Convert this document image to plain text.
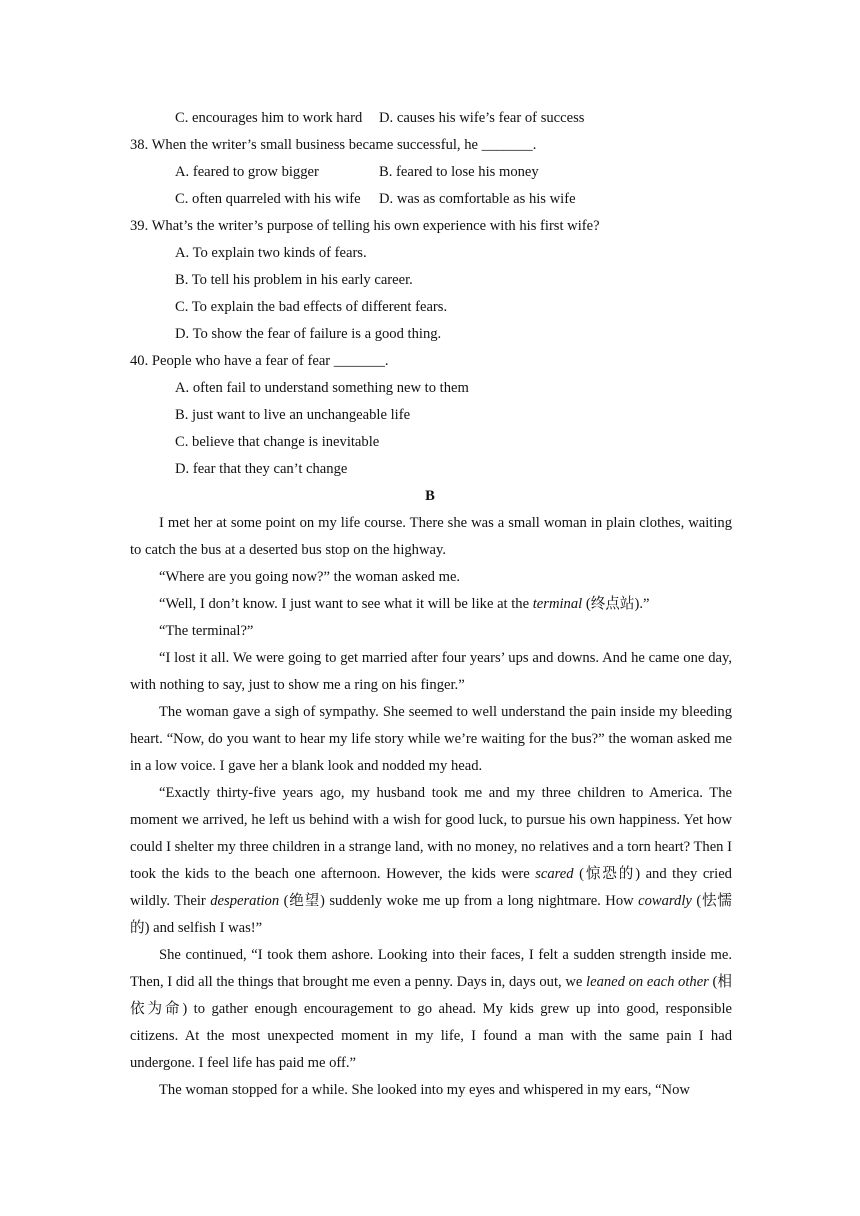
C. encourages him to work hard D. causes his wife’s fear of success
38. When the writer’s small business became successful, he _______.
A. feared to grow bigger	B. feared to lose his money
C. often quarreled with his wife D. was as comfortable as his wife
39. What’s the writer’s purpose of telling his own experience with his first wife?
A. To explain two kinds of fears.
B. To tell his problem in his early career.
C. To explain the bad effects of different fears.
D. To show the fear of failure is a good thing.
40. People who have a fear of fear _______.
A. often fail to understand something new to them
B. just want to live an unchangeable life
C. believe that change is inevitable
D. fear that they can’t change
B

I met her at some point on my life course. There she was a small woman in plain clothes, waiting to catch the bus at a deserted bus stop on the highway.

“Where are you going now?” the woman asked me.

“Well, I don’t know. I just want to see what it will be like at the terminal (终点站).”

“The terminal?”

“I lost it all. We were going to get married after four years’ ups and downs. And he came one day, with nothing to say, just to show me a ring on his finger.”

The woman gave a sigh of sympathy. She seemed to well understand the pain inside my bleeding heart. “Now, do you want to hear my life story while we’re waiting for the bus?” the woman asked me in a low voice. I gave her a blank look and nodded my head.

“Exactly thirty-five years ago, my husband took me and my three children to America. The moment we arrived, he left us behind with a wish for good luck, to pursue his own happiness. Yet how could I shelter my three children in a strange land, with no money, no relatives and a torn heart? Then I took the kids to the beach one afternoon. However, the kids were scared (惊恐的) and they cried wildly. Their desperation (绝望) suddenly woke me up from a long nightmare. How cowardly (怯懦的) and selfish I was!”

She continued, “I took them ashore. Looking into their faces, I felt a sudden strength inside me. Then, I did all the things that brought me even a penny. Days in, days out, we leaned on each other (相依为命) to gather enough encouragement to go ahead. My kids grew up into good, responsible citizens. At the most unexpected moment in my life, I found a man with the same pain I had undergone. I feel life has paid me off.”

The woman stopped for a while. She looked into my eyes and whispered in my ears, “Now
